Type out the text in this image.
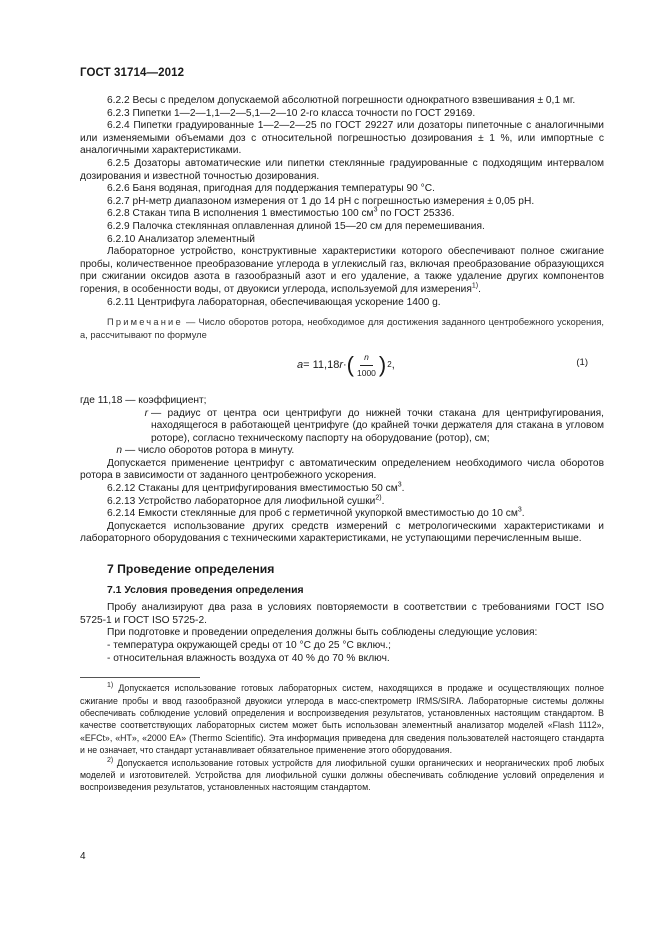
ГОСТ 31714—2012

6.2.2 Весы с пределом допускаемой абсолютной погрешности однократного взвешивания ± 0,1 мг.

6.2.3 Пипетки 1—2—1,1—2—5,1—2—10 2-го класса точности по ГОСТ 29169.

6.2.4 Пипетки градуированные 1—2—2—25 по ГОСТ 29227 или дозаторы пипеточные с аналогичными или изменяемыми объемами доз с относительной погрешностью дозирования ± 1 %, или импортные с аналогичными характеристиками.

6.2.5 Дозаторы автоматические или пипетки стеклянные градуированные с подходящим интервалом дозирования и известной точностью дозирования.

6.2.6 Баня водяная, пригодная для поддержания температуры 90 °С.

6.2.7 pH-метр диапазоном измерения от 1 до 14 pH с погрешностью измерения ± 0,05 pH.

6.2.8 Стакан типа В исполнения 1 вместимостью 100 $см^3$ по ГОСТ 25336.

6.2.9 Палочка стеклянная оплавленная длиной 15—20 см для перемешивания.

6.2.10 Анализатор элементный

Лабораторное устройство, конструктивные характеристики которого обеспечивают полное сжигание пробы, количественное преобразование углерода в углекислый газ, включая преобразование образующихся при сжигании оксидов азота в газообразный азот и его удаление, а также удаление других компонентов горения, в особенности воды, от двуокиси углерода, используемой для измерения$^{1)}$.

6.2.11 Центрифуга лабораторная, обеспечивающая ускорение 1400 g.

Примечание — Число оборотов ротора, необходимое для достижения заданного центробежного ускорения, а, рассчитывают по формуле

a = 11,18 r · ( $\frac{n}{1000}$ ) 2 ,	(1)

где 11,18 — коэффициент;

r — радиус от центра оси центрифуги до нижней точки стакана для центрифугирования, находящегося в работающей центрифуге (до крайней точки держателя для стакана в угловом роторе), согласно техническому паспорту на оборудование (ротор), см;
n — число оборотов ротора в минуту.

Допускается применение центрифуг с автоматическим определением необходимого числа оборотов ротора в зависимости от заданного центробежного ускорения.

6.2.12 Стаканы для центрифугирования вместимостью 50 $см^3$.

6.2.13 Устройство лабораторное для лиофильной сушки$^{2)}$.

6.2.14 Емкости стеклянные для проб с герметичной укупоркой вместимостью до 10 $см^3$.

Допускается использование других средств измерений с метрологическими характеристиками и лабораторного оборудования с техническими характеристиками, не уступающими перечисленным выше.

7 Проведение определения

7.1 Условия проведения определения

Пробу анализируют два раза в условиях повторяемости в соответствии с требованиями ГОСТ ISO 5725-1 и ГОСТ ISO 5725-2.

При подготовке и проведении определения должны быть соблюдены следующие условия:

- температура окружающей среды от 10 °С до 25 °С включ.;

- относительная влажность воздуха от 40 % до 70 % включ.

$^{1)}$ Допускается использование готовых лабораторных систем, находящихся в продаже и осуществляющих полное сжигание пробы и ввод газообразной двуокиси углерода в масс-спектрометр IRMS/SIRA. Лабораторные системы должны обеспечивать соблюдение условий определения и воспроизведения результатов, установленных настоящим стандартом. В качестве соответствующих лабораторных систем может быть использован элементный анализатор моделей «Flash 1112», «EFCt», «HT», «2000 EA» (Thermo Scientific). Эта информация приведена для сведения пользователей настоящего стандарта и не означает, что стандарт устанавливает обязательное применение этого оборудования.

$^{2)}$ Допускается использование готовых устройств для лиофильной сушки органических и неорганических проб любых моделей и изготовителей. Устройства для лиофильной сушки должны обеспечивать соблюдение условий определения и воспроизведения результатов, установленных настоящим стандартом.

4
